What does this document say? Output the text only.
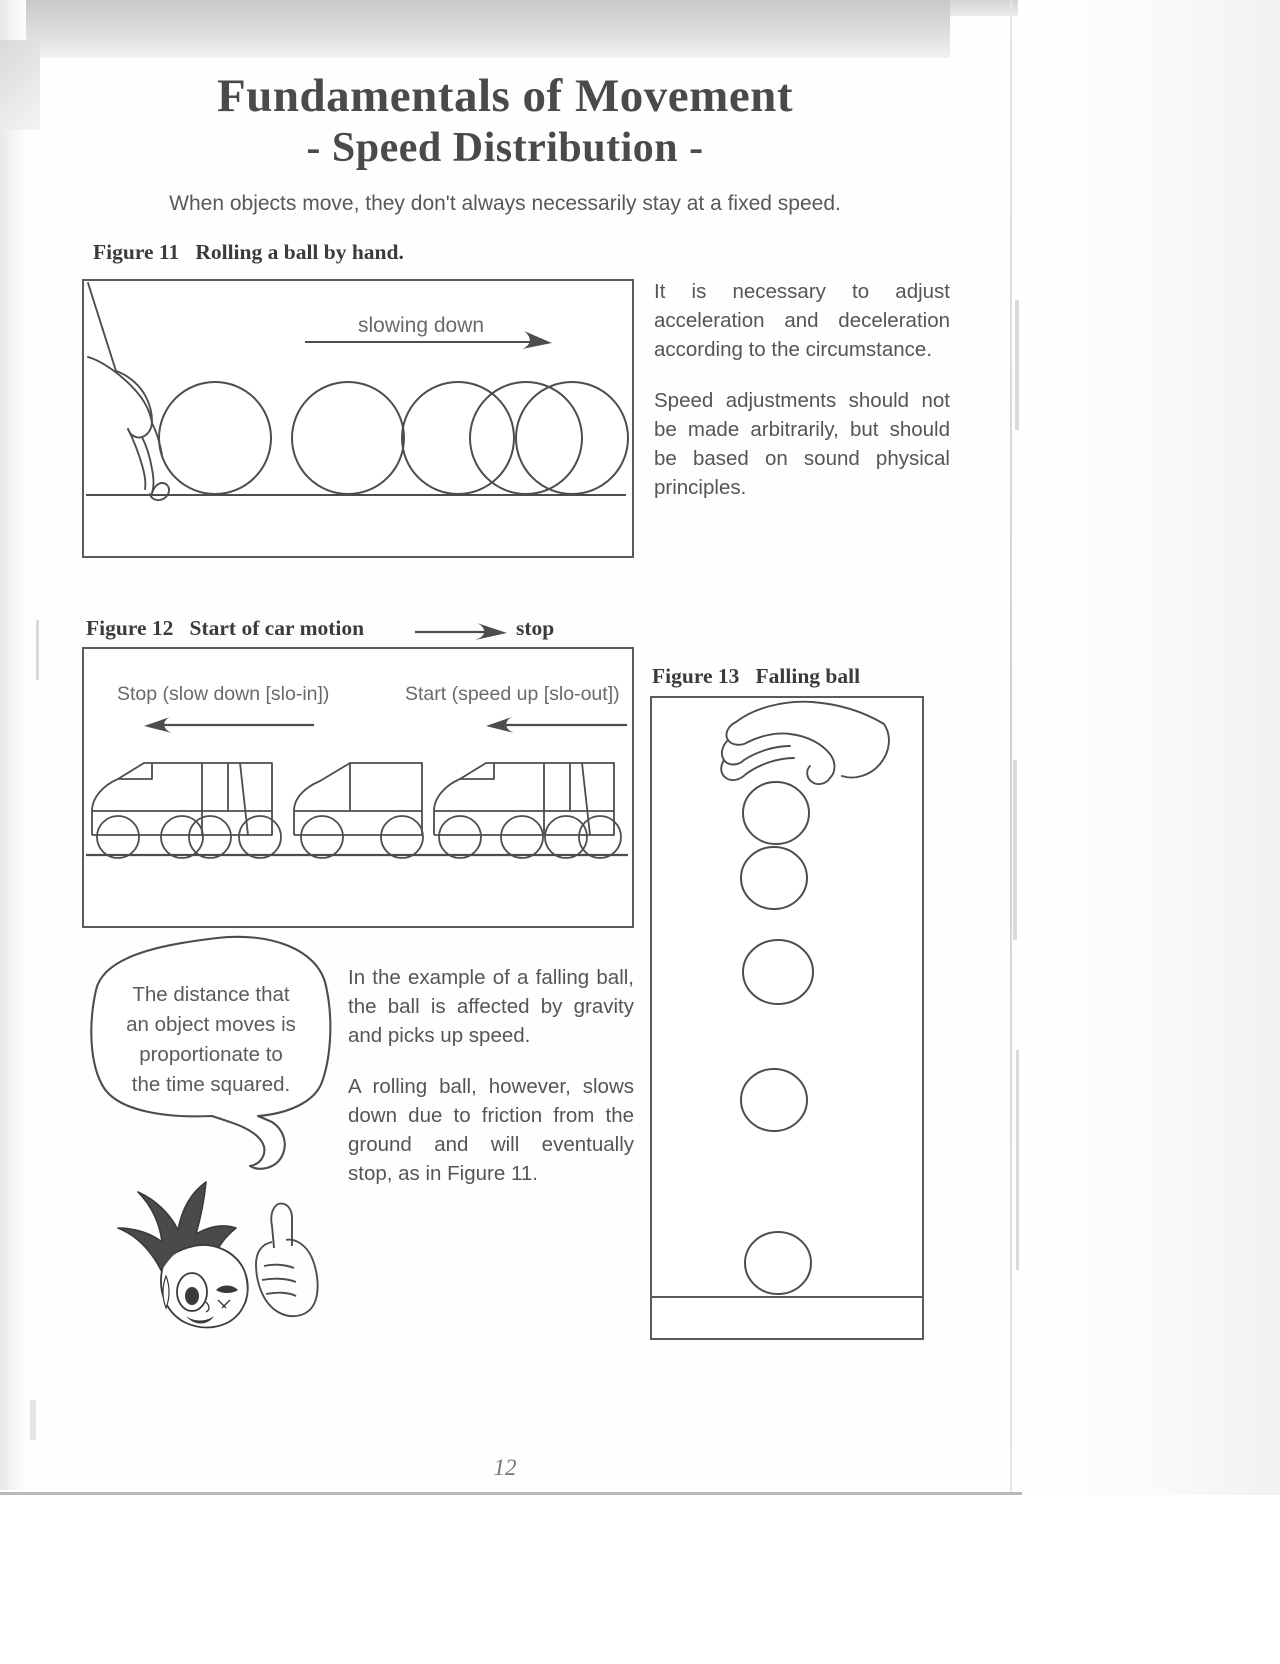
Fundamentals of Movement
- Speed Distribution -
When objects move, they don't always necessarily stay at a fixed speed.
Figure 11 Rolling a ball by hand.
slowing down

It is necessary to adjust acceleration and deceleration according to the circumstance.

Speed adjustments should not be made arbitrarily, but should be based on sound physical principles.

Figure 12 Start of car motion	stop
Stop (slow down [slo-in])	Start (speed up [slo-out])
The distance that
an object moves is
proportionate to
the time squared.

In the example of a falling ball, the ball is affected by gravity and picks up speed.

A rolling ball, however, slows down due to friction from the ground and will eventually stop, as in Figure 11.

Figure 13 Falling ball
12
